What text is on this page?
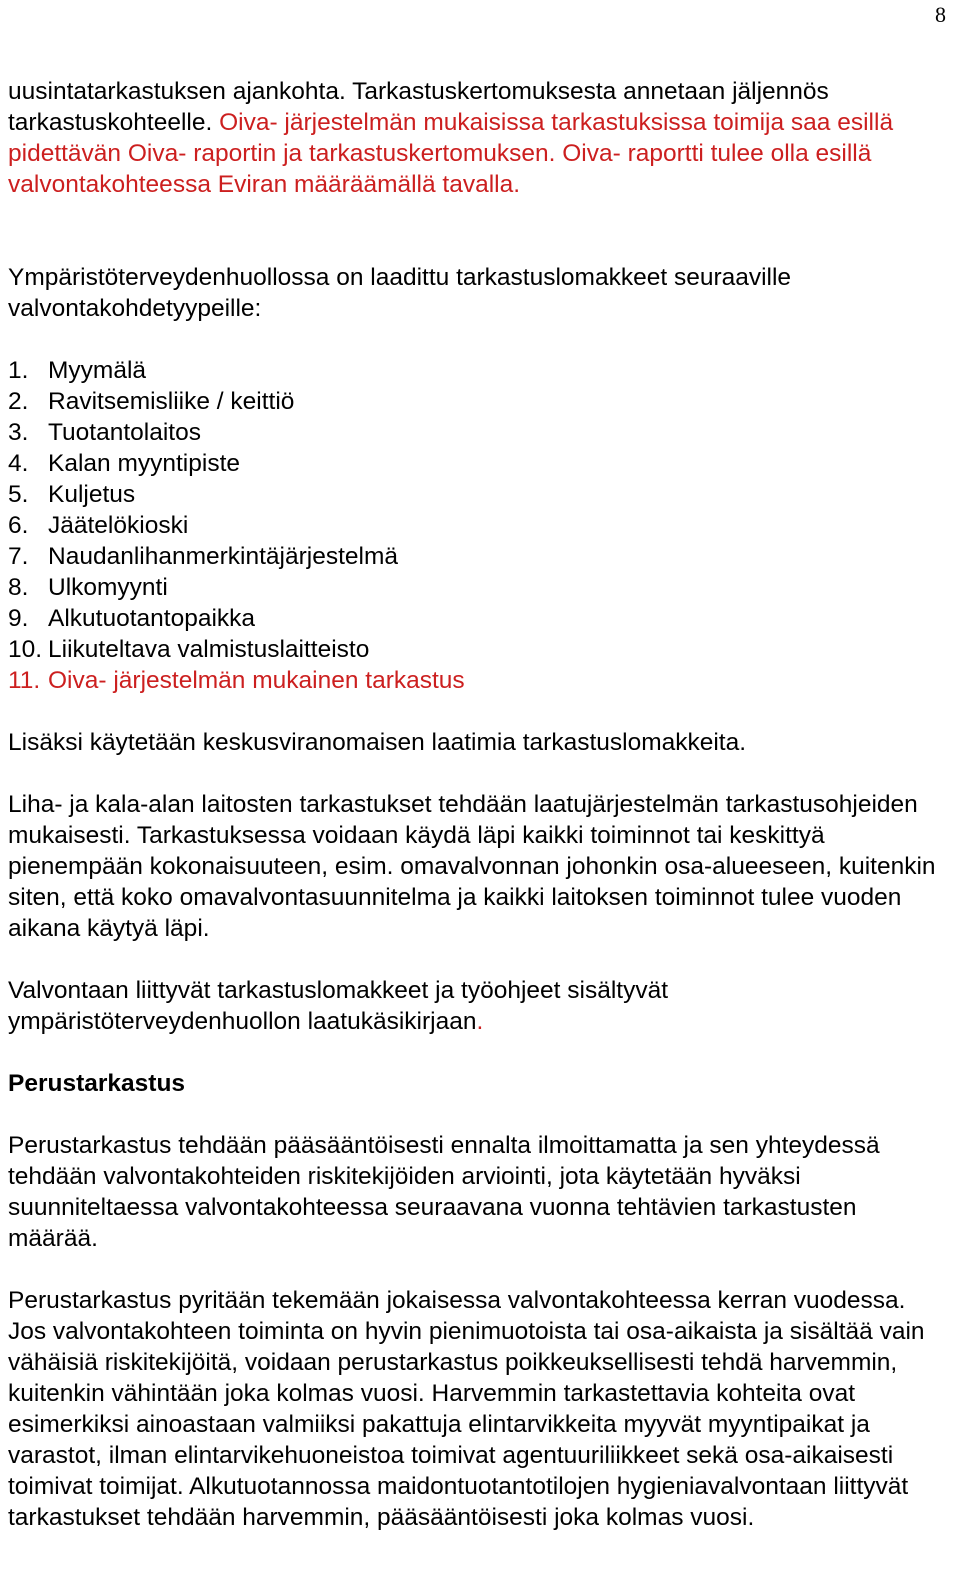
8

uusintatarkastuksen ajankohta. Tarkastuskertomuksesta annetaan jäljennös tarkastuskohteelle. Oiva- järjestelmän mukaisissa tarkastuksissa toimija saa esillä pidettävän Oiva- raportin ja tarkastuskertomuksen. Oiva- raportti tulee olla esillä valvontakohteessa Eviran määräämällä tavalla.

Ympäristöterveydenhuollossa on laadittu tarkastuslomakkeet seuraaville valvontakohdetyypeille:

1. Myymälä
2. Ravitsemisliike / keittiö
3. Tuotantolaitos
4. Kalan myyntipiste
5. Kuljetus
6. Jäätelökioski
7. Naudanlihanmerkintäjärjestelmä
8. Ulkomyynti
9. Alkutuotantopaikka
10. Liikuteltava valmistuslaitteisto
11. Oiva- järjestelmän mukainen tarkastus

Lisäksi käytetään keskusviranomaisen laatimia tarkastuslomakkeita.

Liha- ja kala-alan laitosten tarkastukset tehdään laatujärjestelmän tarkastusohjeiden mukaisesti. Tarkastuksessa voidaan käydä läpi kaikki toiminnot tai keskittyä pienempään kokonaisuuteen, esim. omavalvonnan johonkin osa-alueeseen, kuitenkin siten, että koko omavalvontasuunnitelma ja kaikki laitoksen toiminnot tulee vuoden aikana käytyä läpi.

Valvontaan liittyvät tarkastuslomakkeet ja työohjeet sisältyvät ympäristöterveydenhuollon laatukäsikirjaan.

Perustarkastus

Perustarkastus tehdään pääsääntöisesti ennalta ilmoittamatta ja sen yhteydessä tehdään valvontakohteiden riskitekijöiden arviointi, jota käytetään hyväksi suunniteltaessa valvontakohteessa seuraavana vuonna tehtävien tarkastusten määrää.

Perustarkastus pyritään tekemään jokaisessa valvontakohteessa kerran vuodessa. Jos valvontakohteen toiminta on hyvin pienimuotoista tai osa-aikaista ja sisältää vain vähäisiä riskitekijöitä, voidaan perustarkastus poikkeuksellisesti tehdä harvemmin, kuitenkin vähintään joka kolmas vuosi. Harvemmin tarkastettavia kohteita ovat esimerkiksi ainoastaan valmiiksi pakattuja elintarvikkeita myyvät myyntipaikat ja varastot, ilman elintarvikehuoneistoa toimivat agentuuriliikkeet sekä osa-aikaisesti toimivat toimijat. Alkutuotannossa maidontuotantotilojen hygieniavalvontaan liittyvät tarkastukset tehdään harvemmin, pääsääntöisesti joka kolmas vuosi.
